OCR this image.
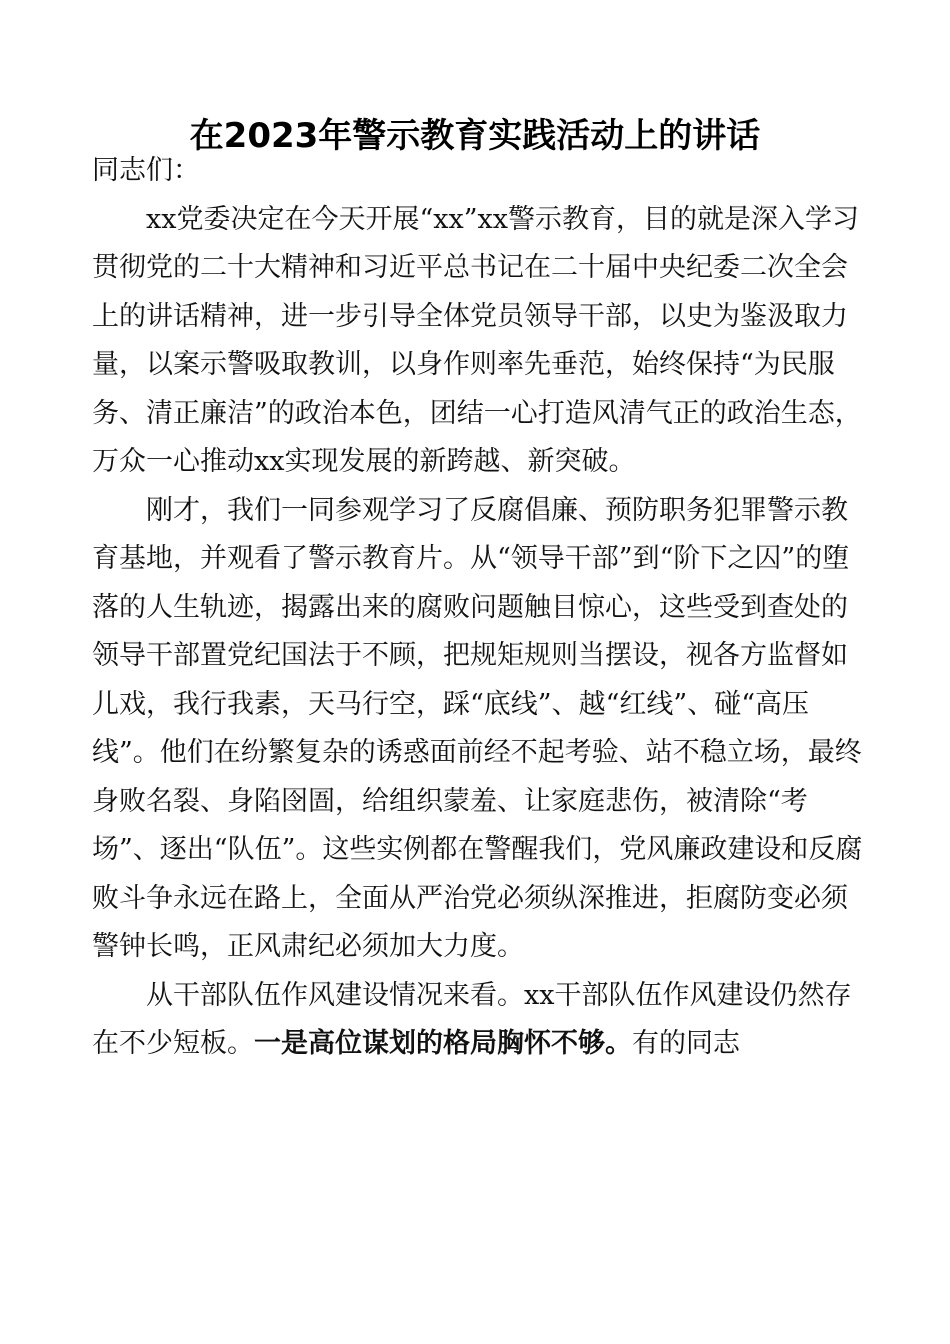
在2023年警示教育实践活动上的讲话

同志们：

xx党委决定在今天开展“xx”xx警示教育，目的就是深入学习贯彻党的二十大精神和习近平总书记在二十届中央纪委二次全会上的讲话精神，进一步引导全体党员领导干部，以史为鉴汲取力量，以案示警吸取教训，以身作则率先垂范，始终保持“为民服务、清正廉洁”的政治本色，团结一心打造风清气正的政治生态，万众一心推动xx实现发展的新跨越、新突破。

刚才，我们一同参观学习了反腐倡廉、预防职务犯罪警示教育基地，并观看了警示教育片。从“领导干部”到“阶下之囚”的堕落的人生轨迹，揭露出来的腐败问题触目惊心，这些受到查处的领导干部置党纪国法于不顾，把规矩规则当摆设，视各方监督如儿戏，我行我素，天马行空，踩“底线”、越“红线”、碰“高压线”。他们在纷繁复杂的诱惑面前经不起考验、站不稳立场，最终身败名裂、身陷囹圄，给组织蒙羞、让家庭悲伤，被清除“考场”、逐出“队伍”。这些实例都在警醒我们，党风廉政建设和反腐败斗争永远在路上，全面从严治党必须纵深推进，拒腐防变必须警钟长鸣，正风肃纪必须加大力度。

从干部队伍作风建设情况来看。xx干部队伍作风建设仍然存在不少短板。一是高位谋划的格局胸怀不够。有的同志
